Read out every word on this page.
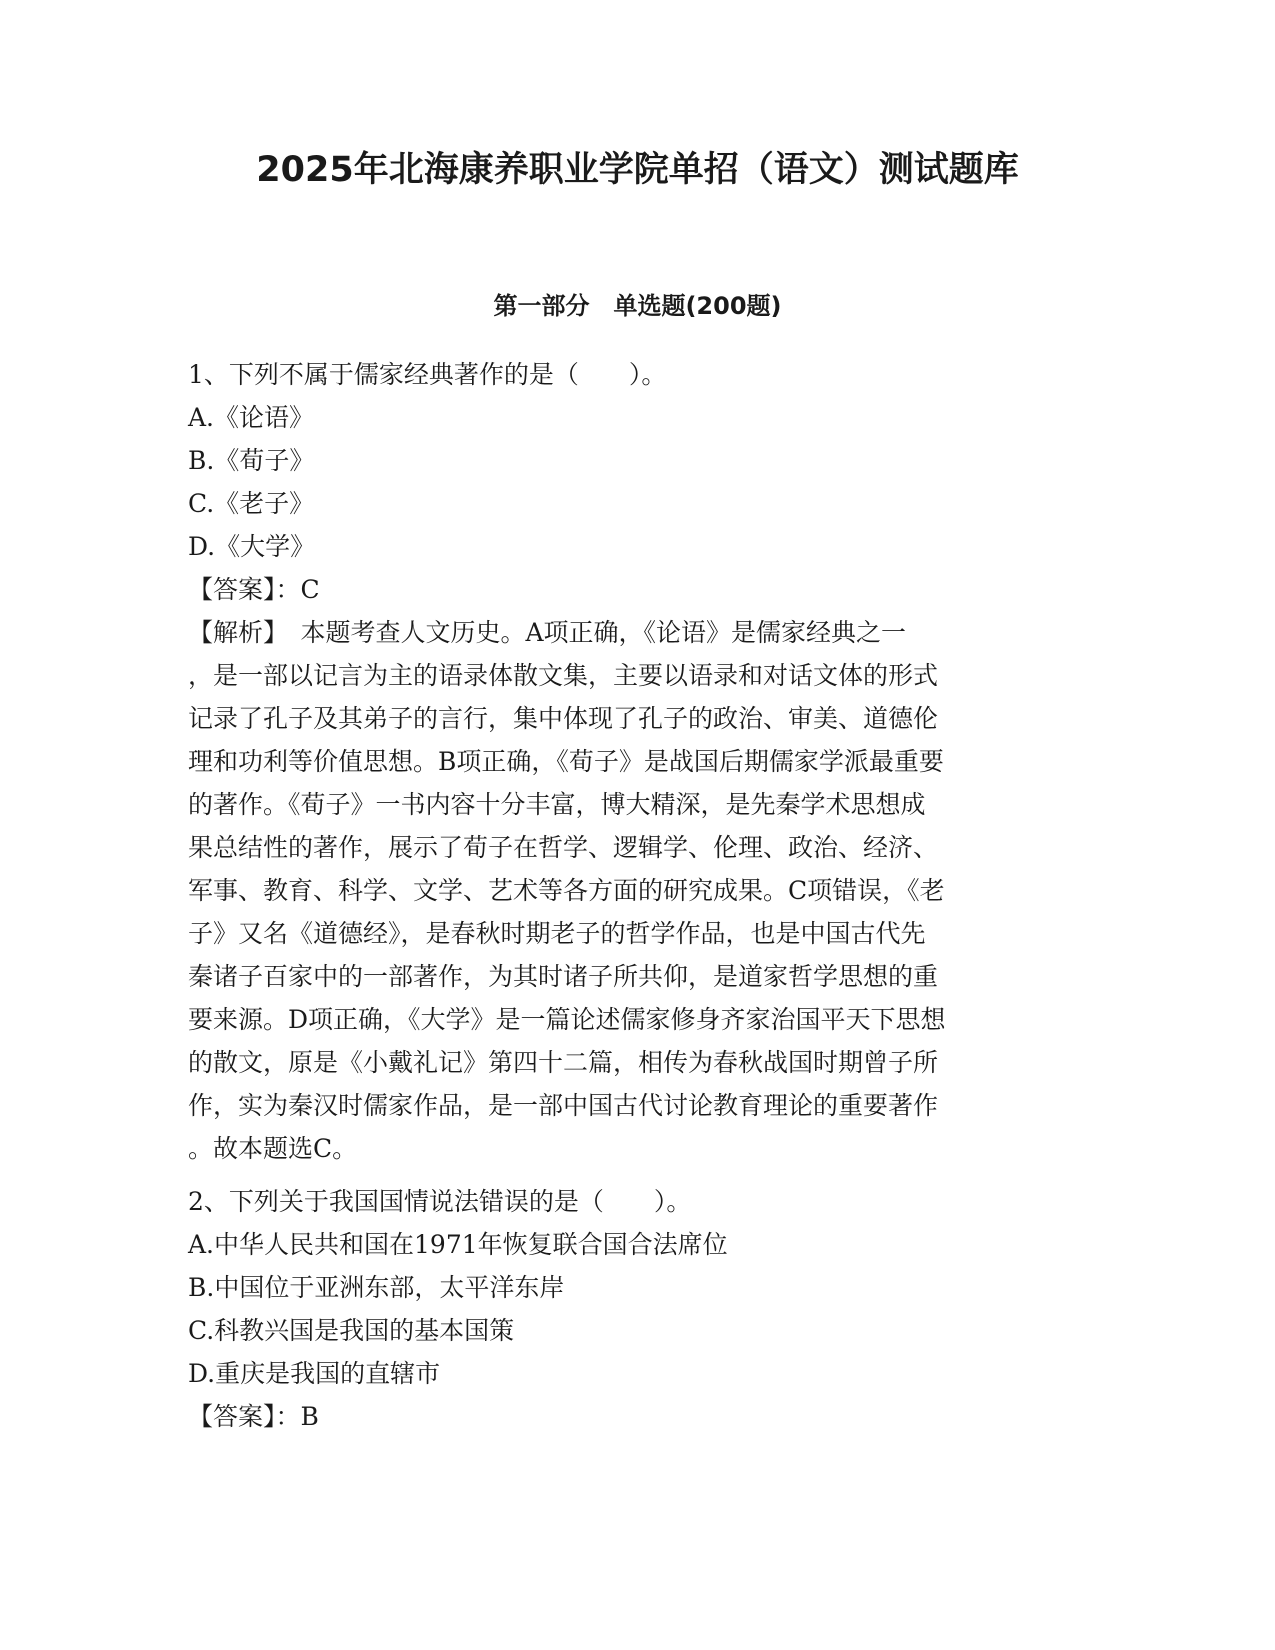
2025年北海康养职业学院单招（语文）测试题库
第一部分　单选题(200题)
1、下列不属于儒家经典著作的是（　　）。
A.《论语》
B.《荀子》
C.《老子》
D.《大学》
【答案】：C
【解析】　本题考查人文历史。A项正确，《论语》是儒家经典之一
，是一部以记言为主的语录体散文集，主要以语录和对话文体的形式
记录了孔子及其弟子的言行，集中体现了孔子的政治、审美、道德伦
理和功利等价值思想。B项正确，《荀子》是战国后期儒家学派最重要
的著作。《荀子》一书内容十分丰富，博大精深，是先秦学术思想成
果总结性的著作，展示了荀子在哲学、逻辑学、伦理、政治、经济、
军事、教育、科学、文学、艺术等各方面的研究成果。C项错误，《老
子》又名《道德经》，是春秋时期老子的哲学作品，也是中国古代先
秦诸子百家中的一部著作，为其时诸子所共仰，是道家哲学思想的重
要来源。D项正确，《大学》是一篇论述儒家修身齐家治国平天下思想
的散文，原是《小戴礼记》第四十二篇，相传为春秋战国时期曾子所
作，实为秦汉时儒家作品，是一部中国古代讨论教育理论的重要著作
。故本题选C。
2、下列关于我国国情说法错误的是（　　）。
A.中华人民共和国在1971年恢复联合国合法席位
B.中国位于亚洲东部，太平洋东岸
C.科教兴国是我国的基本国策
D.重庆是我国的直辖市
【答案】：B
